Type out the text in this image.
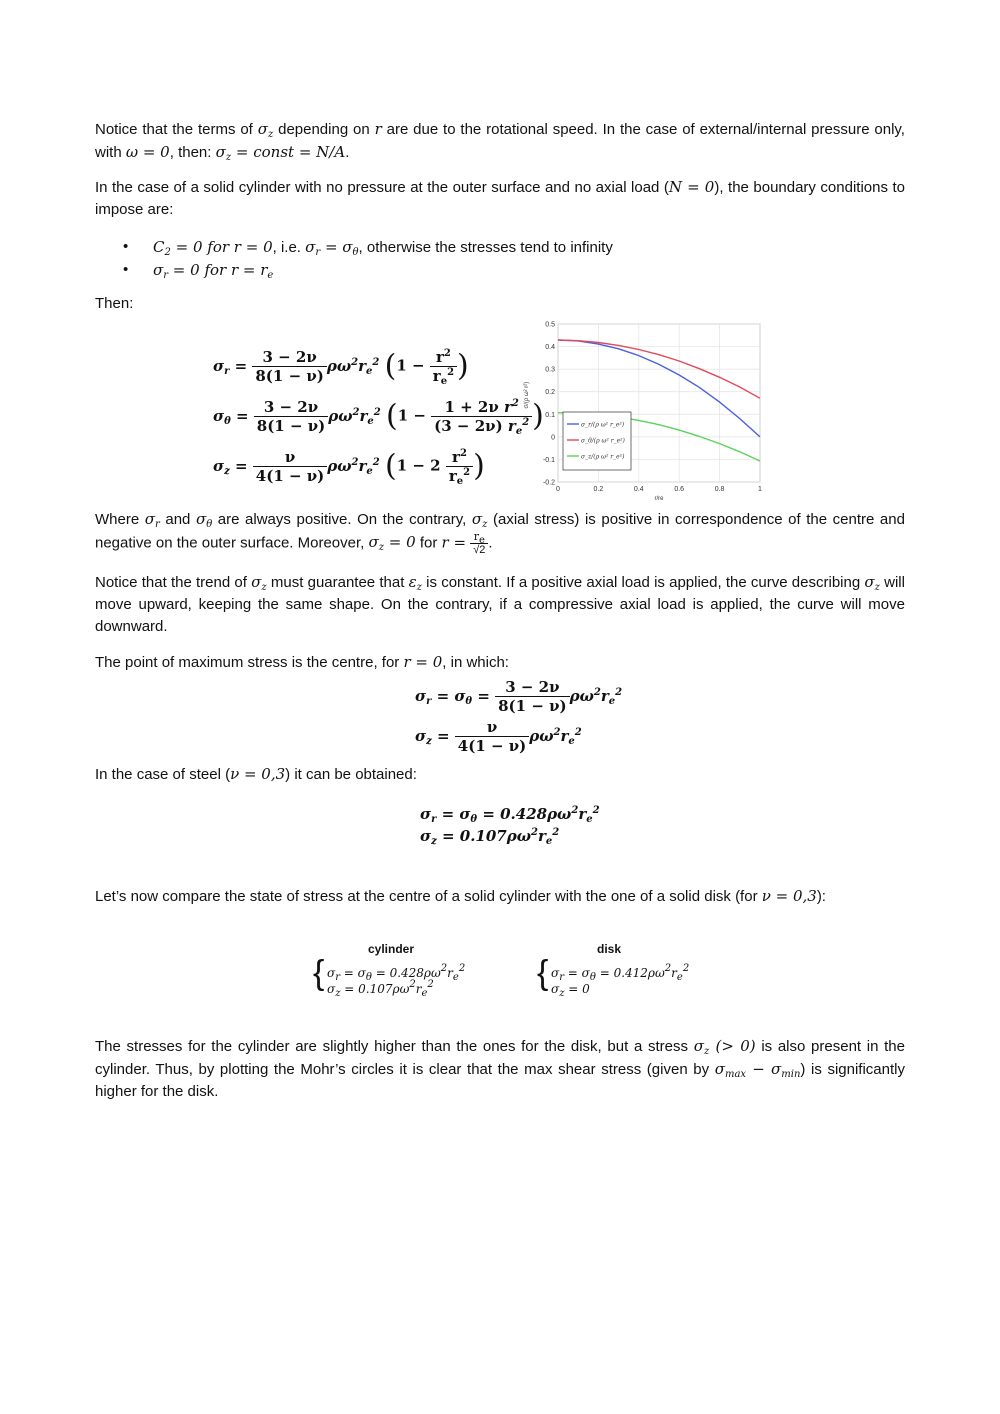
Notice that the terms of $\sigma_z$ depending on r are due to the rotational speed. In the case of external/internal pressure only, with ω = 0, then: $\sigma_z$ = const = N/A.

In the case of a solid cylinder with no pressure at the outer surface and no axial load (N = 0), the boundary conditions to impose are:

• $C_2 = 0$ for r = 0, i.e. $\sigma_r = \sigma_\theta$, otherwise the stresses tend to infinity
• $\sigma_r = 0$ for $r = r_e$

Then:

$\sigma_r = \frac{3 - 2\nu}{8(1 - \nu)} \rho\omega^2r_e^2$ ($1 - \frac{r^2}{r_e^2}$ )
$\sigma_\theta = \frac{3 - 2\nu}{8(1 - \nu)} \rho\omega^2r_e^2$ ($1 - \frac{1 + 2\nu r^2}{(3 - 2\nu) r_e^2}$ )
$\sigma_z = \frac{\nu}{4(1 - \nu)} \rho\omega^2r_e^2$ ($1 - 2 \frac{r^2}{r_e^2}$ )	-0.2
-0.1
0
0.1
0.2
0.3
0.4
0.5
0	0.2	0.4	0.6	0.8	1
r/re
σ/(ρ ω² r²)
σ_r/(ρ ω² r_e²)
σ_θ/(ρ ω² r_e²)
σ_z/(ρ ω² r_e²)

Where $\sigma_r$ and $\sigma_\theta$ are always positive. On the contrary, $\sigma_z$ (axial stress) is positive in correspondence of the centre and negative on the outer surface. Moreover, $\sigma_z = 0$ for $r = \frac{r_e}{√2}$ .

Notice that the trend of $\sigma_z$ must guarantee that $\varepsilon_z$ is constant. If a positive axial load is applied, the curve describing $\sigma_z$ will move upward, keeping the same shape. On the contrary, if a compressive axial load is applied, the curve will move downward.

The point of maximum stress is the centre, for r = 0, in which:

$\sigma_r = \sigma_\theta = \frac{3 - 2\nu}{8(1 - \nu)} \rho\omega^2r_e^2$
$\sigma_z = \frac{\nu}{4(1 - \nu)} \rho\omega^2r_e^2$

In the case of steel (ν = 0,3) it can be obtained:

$\sigma_r = \sigma_\theta = 0.428\rho\omega^2r_e^2$
$\sigma_z = 0.107\rho\omega^2r_e^2$

Let’s now compare the state of stress at the centre of a solid cylinder with the one of a solid disk (for ν = 0,3):

cylinder
{ $\sigma_r = \sigma_\theta = 0.428\rho\omega^2r_e^2$
$\sigma_z = 0.107\rho\omega^2r_e^2$
disk
{ $\sigma_r = \sigma_\theta = 0.412\rho\omega^2r_e^2$
$\sigma_z = 0$

The stresses for the cylinder are slightly higher than the ones for the disk, but a stress $\sigma_z$ (> 0) is also present in the cylinder. Thus, by plotting the Mohr’s circles it is clear that the max shear stress (given by $\sigma_{max} - \sigma_{min}$) is significantly higher for the disk.
